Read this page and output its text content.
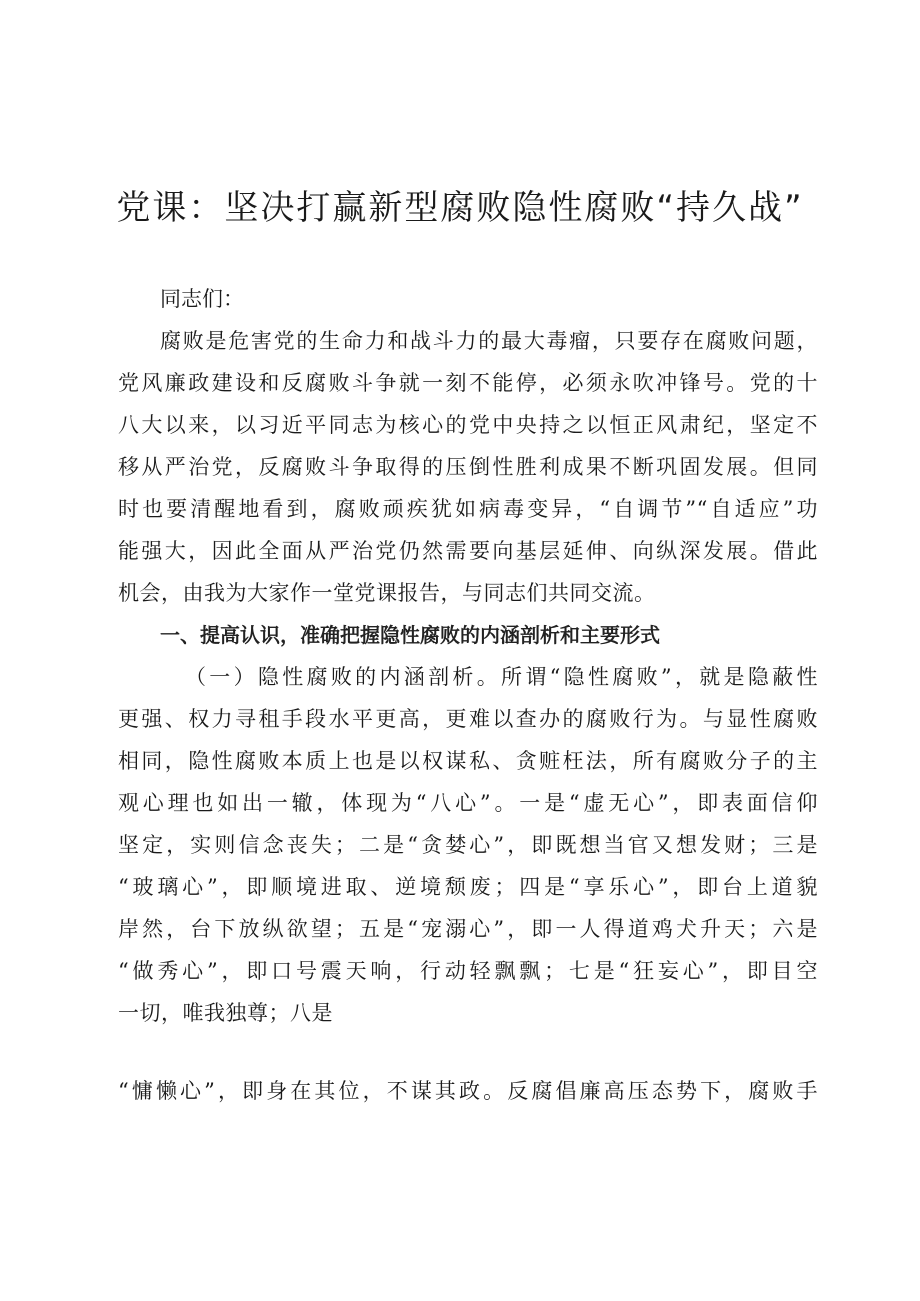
党课：坚决打赢新型腐败隐性腐败“持久战”
同志们：
腐败是危害党的生命力和战斗力的最大毒瘤，只要存在腐败问题，
党风廉政建设和反腐败斗争就一刻不能停，必须永吹冲锋号。党的十
八大以来，以习近平同志为核心的党中央持之以恒正风肃纪，坚定不
移从严治党，反腐败斗争取得的压倒性胜利成果不断巩固发展。但同
时也要清醒地看到，腐败顽疾犹如病毒变异，“自调节”“自适应”功
能强大，因此全面从严治党仍然需要向基层延伸、向纵深发展。借此
机会，由我为大家作一堂党课报告，与同志们共同交流。
一、提高认识，准确把握隐性腐败的内涵剖析和主要形式
（一）隐性腐败的内涵剖析。所谓“隐性腐败”，就是隐蔽性
更强、权力寻租手段水平更高，更难以查办的腐败行为。与显性腐败
相同，隐性腐败本质上也是以权谋私、贪赃枉法，所有腐败分子的主
观心理也如出一辙，体现为“八心”。一是“虚无心”，即表面信仰
坚定，实则信念丧失；二是“贪婪心”，即既想当官又想发财；三是
“玻璃心”，即顺境进取、逆境颓废；四是“享乐心”，即台上道貌
岸然，台下放纵欲望；五是“宠溺心”，即一人得道鸡犬升天；六是
“做秀心”，即口号震天响，行动轻飘飘；七是“狂妄心”，即目空
一切，唯我独尊；八是
“慵懒心”，即身在其位，不谋其政。反腐倡廉高压态势下，腐败手
